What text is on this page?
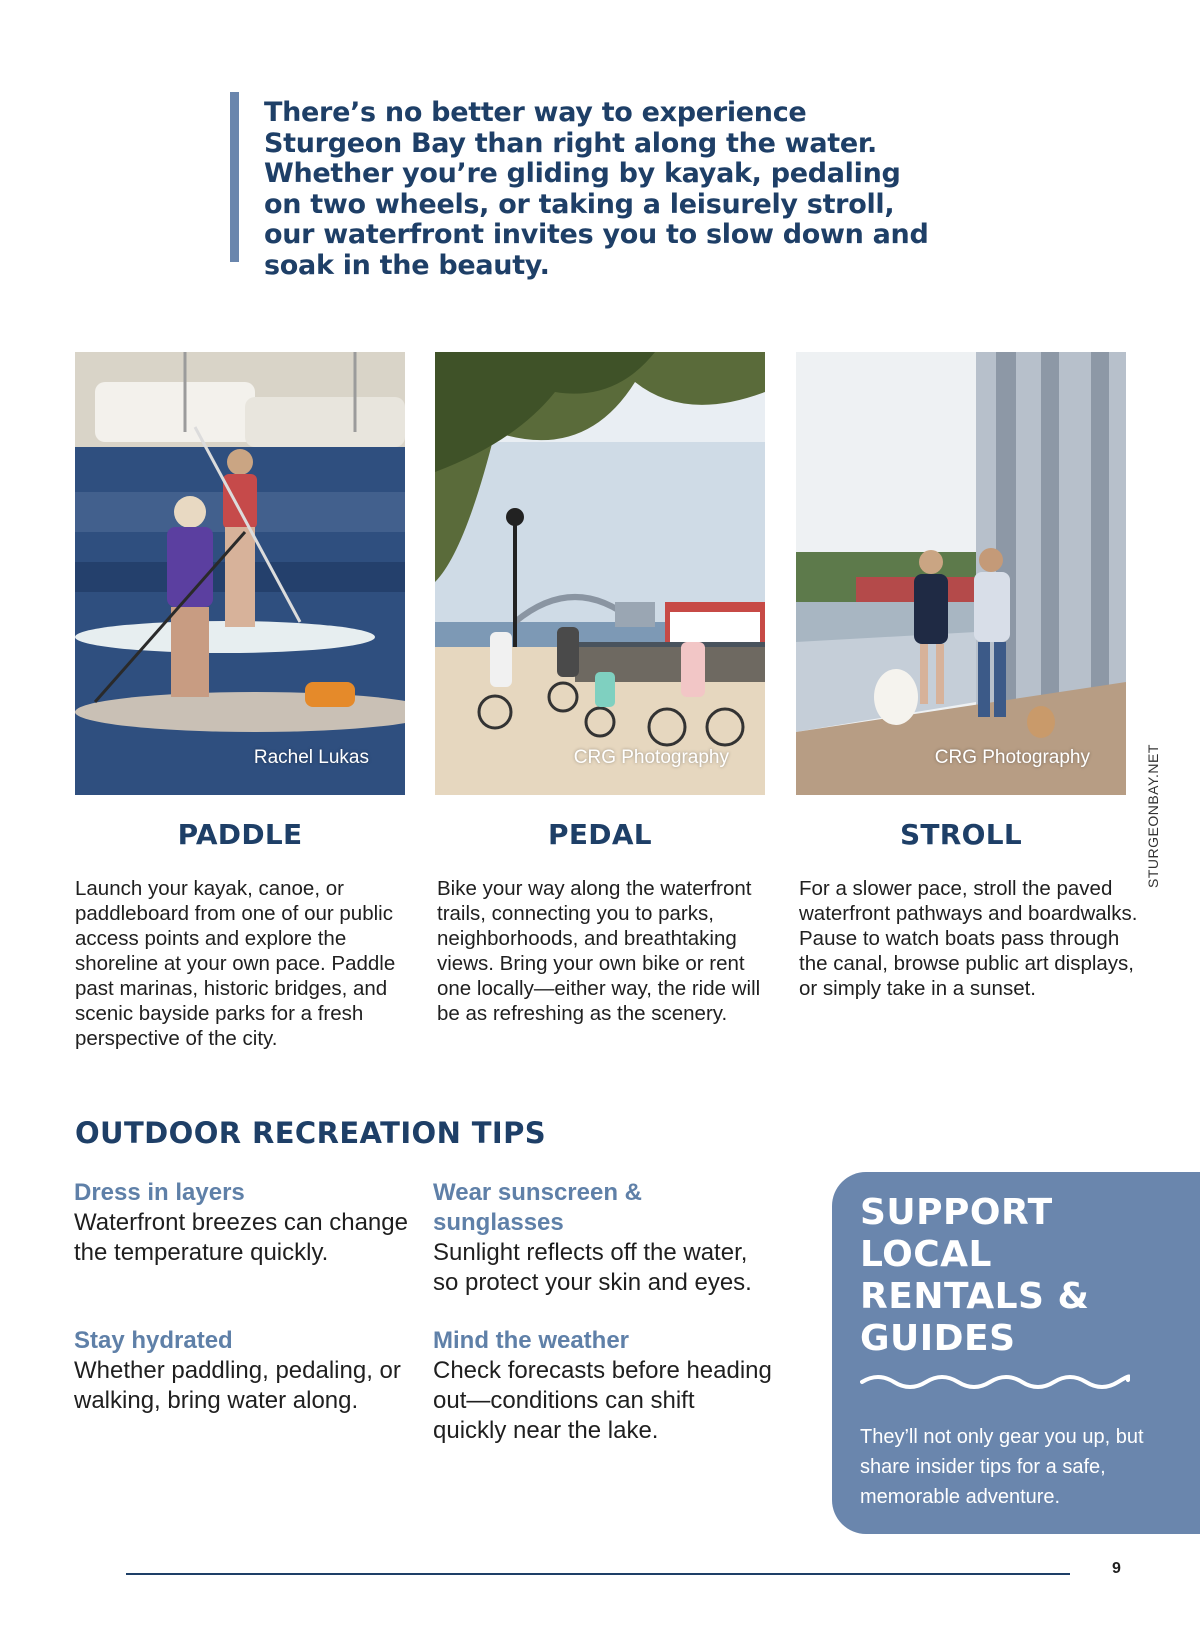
There’s no better way to experience Sturgeon Bay than right along the water. Whether you’re gliding by kayak, pedaling on two wheels, or taking a leisurely stroll, our waterfront invites you to slow down and soak in the beauty.

Rachel Lukas	CRG Photography	CRG Photography
PADDLE	PEDAL	STROLL

Launch your kayak, canoe, or paddleboard from one of our public access points and explore the shoreline at your own pace. Paddle past marinas, historic bridges, and scenic bayside parks for a fresh perspective of the city.

Bike your way along the waterfront trails, connecting you to parks, neighborhoods, and breathtaking views. Bring your own bike or rent one locally—either way, the ride will be as refreshing as the scenery.

For a slower pace, stroll the paved waterfront pathways and boardwalks. Pause to watch boats pass through the canal, browse public art displays, or simply take in a sunset.

STURGEONBAY.NET
OUTDOOR RECREATION TIPS

Dress in layers

Waterfront breezes can change the temperature quickly.

Wear sunscreen & sunglasses

Sunlight reflects off the water, so protect your skin and eyes.

Stay hydrated

Whether paddling, pedaling, or walking, bring water along.

Mind the weather

Check forecasts before heading out—conditions can shift quickly near the lake.

SUPPORT LOCAL RENTALS & GUIDES

They’ll not only gear you up, but share insider tips for a safe, memorable adventure.

9
